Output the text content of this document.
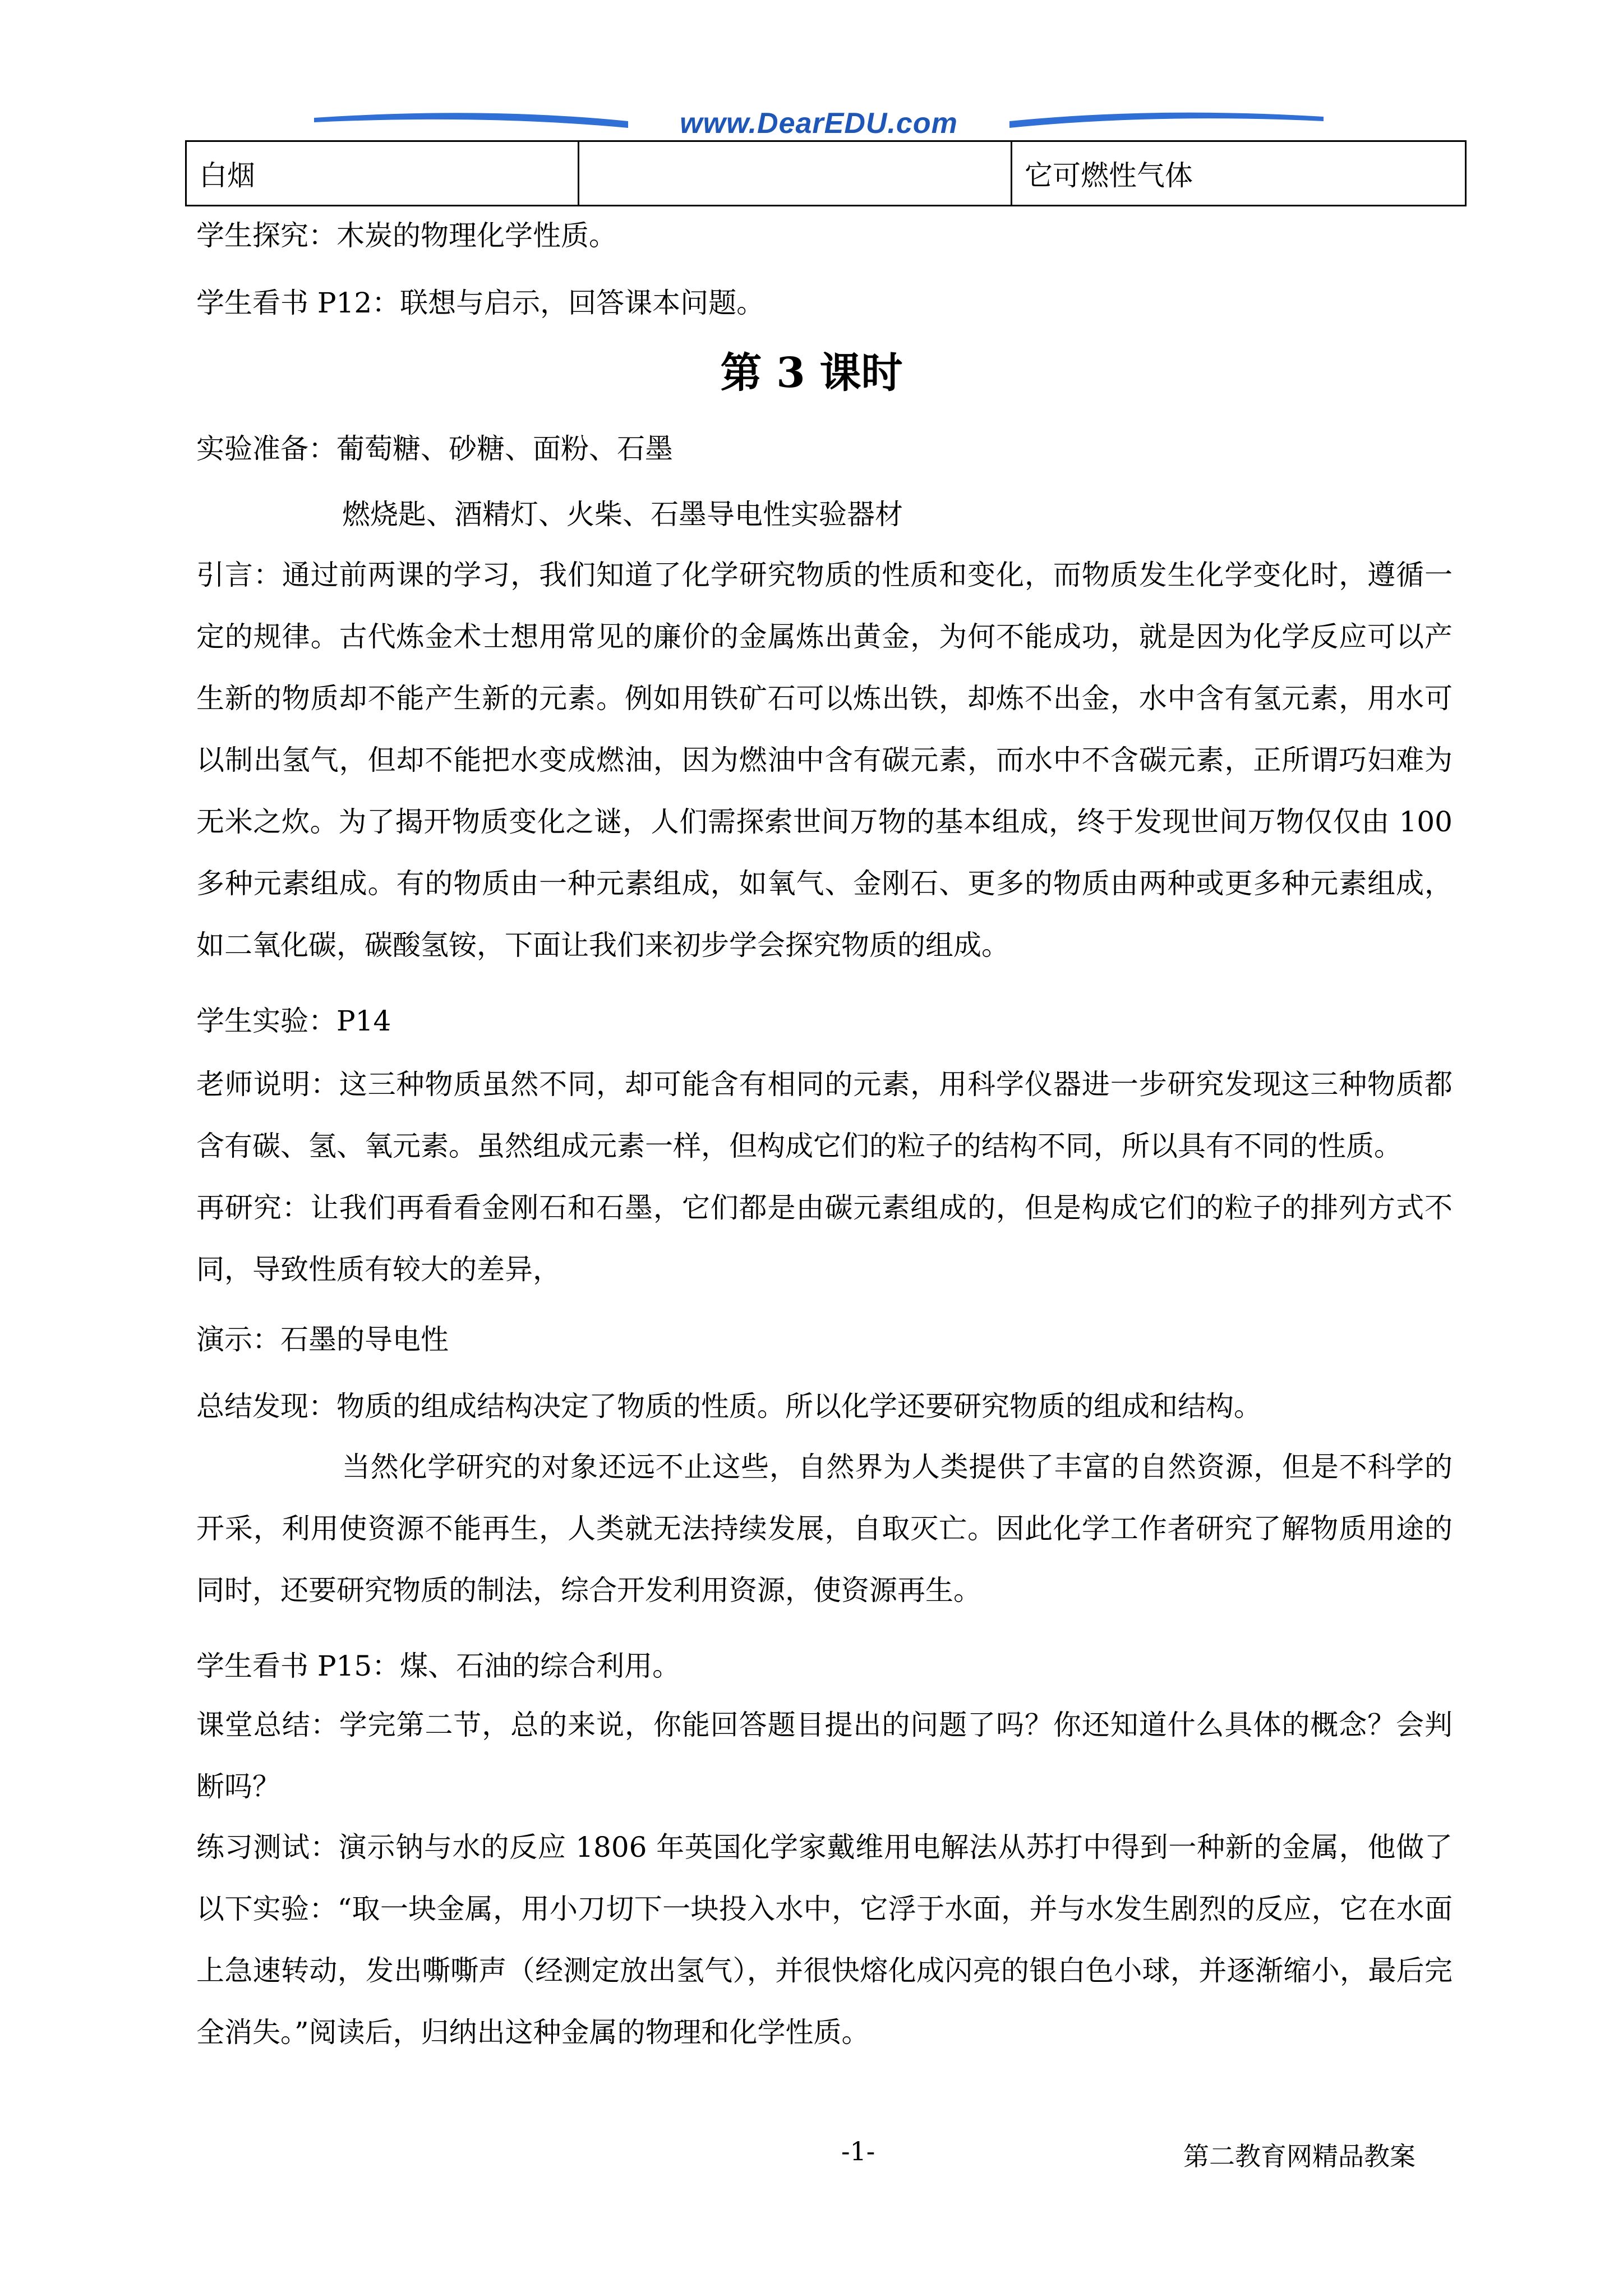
www.DearEDU.com
白烟		它可燃性气体

学生探究：木炭的物理化学性质。

学生看书 P12：联想与启示，回答课本问题。

第 3 课时

实验准备：葡萄糖、砂糖、面粉、石墨

燃烧匙、酒精灯、火柴、石墨导电性实验器材

引言：通过前两课的学习，我们知道了化学研究物质的性质和变化，而物质发生化学变化时，遵循一定的规律。古代炼金术士想用常见的廉价的金属炼出黄金，为何不能成功，就是因为化学反应可以产生新的物质却不能产生新的元素。例如用铁矿石可以炼出铁，却炼不出金，水中含有氢元素，用水可以制出氢气，但却不能把水变成燃油，因为燃油中含有碳元素，而水中不含碳元素，正所谓巧妇难为无米之炊。为了揭开物质变化之谜，人们需探索世间万物的基本组成，终于发现世间万物仅仅由 100 多种元素组成。有的物质由一种元素组成，如氧气、金刚石、更多的物质由两种或更多种元素组成，如二氧化碳，碳酸氢铵，下面让我们来初步学会探究物质的组成。

学生实验：P14

老师说明：这三种物质虽然不同，却可能含有相同的元素，用科学仪器进一步研究发现这三种物质都含有碳、氢、氧元素。虽然组成元素一样，但构成它们的粒子的结构不同，所以具有不同的性质。

再研究：让我们再看看金刚石和石墨，它们都是由碳元素组成的，但是构成它们的粒子的排列方式不同，导致性质有较大的差异，

演示：石墨的导电性

总结发现：物质的组成结构决定了物质的性质。所以化学还要研究物质的组成和结构。

当然化学研究的对象还远不止这些，自然界为人类提供了丰富的自然资源，但是不科学的开采，利用使资源不能再生，人类就无法持续发展，自取灭亡。因此化学工作者研究了解物质用途的同时，还要研究物质的制法，综合开发利用资源，使资源再生。

学生看书 P15：煤、石油的综合利用。

课堂总结：学完第二节，总的来说，你能回答题目提出的问题了吗？你还知道什么具体的概念？会判断吗？

练习测试：演示钠与水的反应 1806 年英国化学家戴维用电解法从苏打中得到一种新的金属，他做了以下实验：“取一块金属，用小刀切下一块投入水中，它浮于水面，并与水发生剧烈的反应，它在水面上急速转动，发出嘶嘶声（经测定放出氢气），并很快熔化成闪亮的银白色小球，并逐渐缩小，最后完全消失。”阅读后，归纳出这种金属的物理和化学性质。

-1-	第二教育网精品教案
